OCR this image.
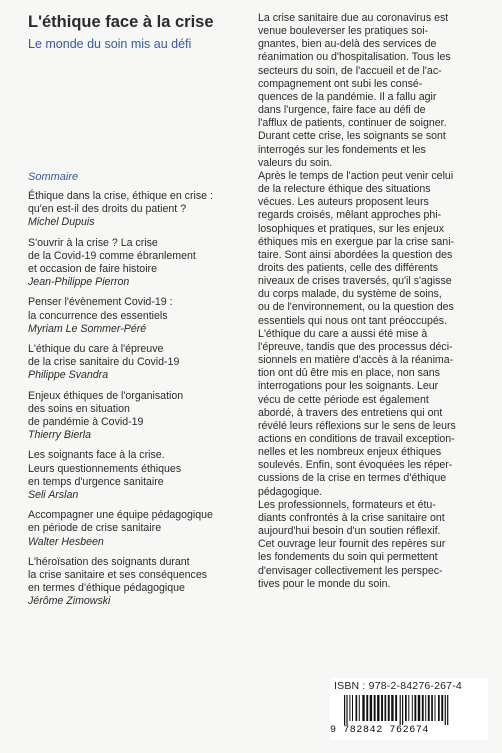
L'éthique face à la crise
Le monde du soin mis au défi
Sommaire
Éthique dans la crise, éthique en crise :
qu'en est-il des droits du patient ?
Michel Dupuis
S'ouvrir à la crise ? La crise
de la Covid-19 comme ébranlement
et occasion de faire histoire
Jean-Philippe Pierron
Penser l'évènement Covid-19 :
la concurrence des essentiels
Myriam Le Sommer-Péré
L'éthique du care à l'épreuve
de la crise sanitaire du Covid-19
Philippe Svandra
Enjeux éthiques de l'organisation
des soins en situation
de pandémie à Covid-19
Thierry Bierla
Les soignants face à la crise.
Leurs questionnements éthiques
en temps d'urgence sanitaire
Seli Arslan
Accompagner une équipe pédagogique
en période de crise sanitaire
Walter Hesbeen
L'héroïsation des soignants durant
la crise sanitaire et ses conséquences
en termes d'éthique pédagogique
Jérôme Zimowski

La crise sanitaire due au coronavirus est
venue bouleverser les pratiques soi-
gnantes, bien au-delà des services de
réanimation ou d'hospitalisation. Tous les
secteurs du soin, de l'accueil et de l'ac-
compagnement ont subi les consé-
quences de la pandémie. Il a fallu agir
dans l'urgence, faire face au défi de
l'afflux de patients, continuer de soigner.
Durant cette crise, les soignants se sont
interrogés sur les fondements et les
valeurs du soin.

Après le temps de l'action peut venir celui
de la relecture éthique des situations
vécues. Les auteurs proposent leurs
regards croisés, mêlant approches phi-
losophiques et pratiques, sur les enjeux
éthiques mis en exergue par la crise sani-
taire. Sont ainsi abordées la question des
droits des patients, celle des différents
niveaux de crises traversés, qu'il s'agisse
du corps malade, du système de soins,
ou de l'environnement, ou la question des
essentiels qui nous ont tant préoccupés.
L'éthique du care a aussi été mise à
l'épreuve, tandis que des processus déci-
sionnels en matière d'accès à la réanima-
tion ont dû être mis en place, non sans
interrogations pour les soignants. Leur
vécu de cette période est également
abordé, à travers des entretiens qui ont
révélé leurs réflexions sur le sens de leurs
actions en conditions de travail exception-
nelles et les nombreux enjeux éthiques
soulevés. Enfin, sont évoquées les réper-
cussions de la crise en termes d'éthique
pédagogique.

Les professionnels, formateurs et étu-
diants confrontés à la crise sanitaire ont
aujourd'hui besoin d'un soutien réflexif.
Cet ouvrage leur fournit des repères sur
les fondements du soin qui permettent
d'envisager collectivement les perspec-
tives pour le monde du soin.

ISBN : 978-2-84276-267-4
9 782842 762674
